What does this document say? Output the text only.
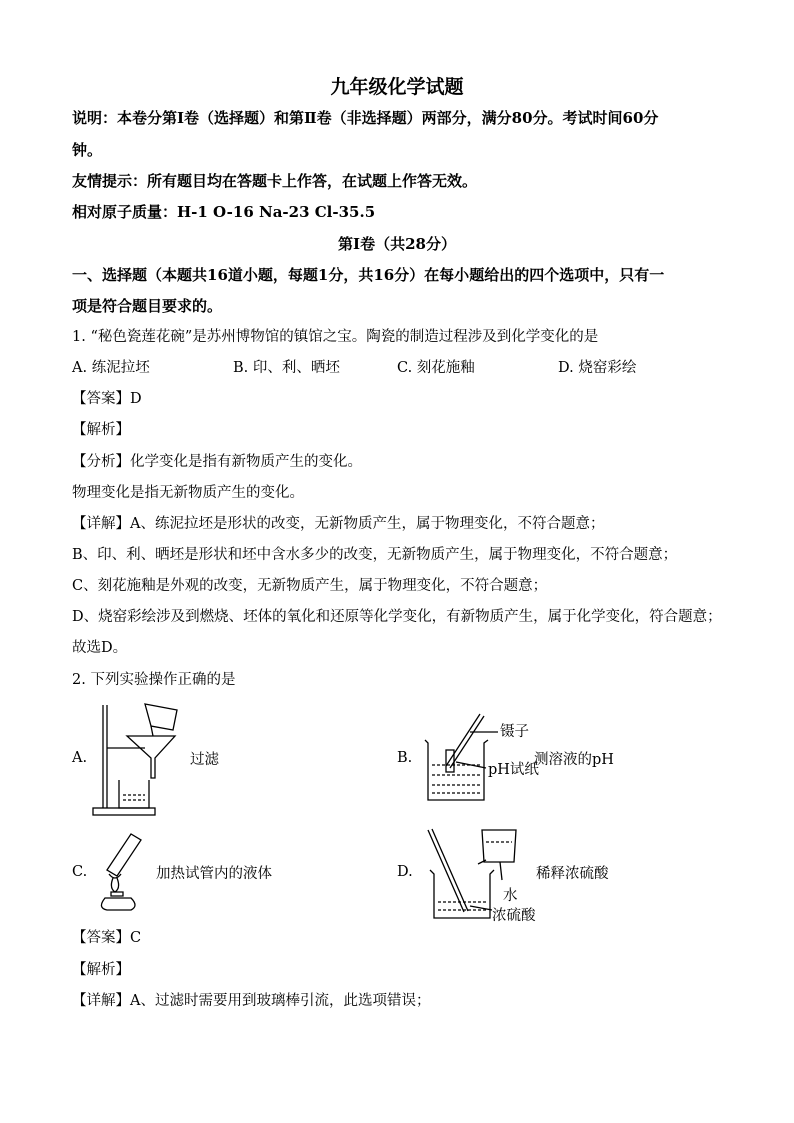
九年级化学试题
说明：本卷分第Ⅰ卷（选择题）和第Ⅱ卷（非选择题）两部分，满分80分。考试时间60分
钟。
友情提示：所有题目均在答题卡上作答，在试题上作答无效。
相对原子质量：H-1 O-16 Na-23 Cl-35.5
第Ⅰ卷（共28分）
一、选择题（本题共16道小题，每题1分，共16分）在每小题给出的四个选项中，只有一
项是符合题目要求的。
1. “秘色瓷莲花碗”是苏州博物馆的镇馆之宝。陶瓷的制造过程涉及到化学变化的是
A. 练泥拉坯	B. 印、利、晒坯	C. 刻花施釉	D. 烧窑彩绘
【答案】D
【解析】
【分析】化学变化是指有新物质产生的变化。
物理变化是指无新物质产生的变化。
【详解】A、练泥拉坯是形状的改变，无新物质产生，属于物理变化，不符合题意；
B、印、利、晒坯是形状和坯中含水多少的改变，无新物质产生，属于物理变化，不符合题意；
C、刻花施釉是外观的改变，无新物质产生，属于物理变化，不符合题意；
D、烧窑彩绘涉及到燃烧、坯体的氧化和还原等化学变化，有新物质产生，属于化学变化，符合题意；
故选D。
2. 下列实验操作正确的是
A.	过滤	B.
镊子
pH试纸
测溶液的pH
C.	加热试管内的液体	D.
水
浓硫酸
稀释浓硫酸
【答案】C
【解析】
【详解】A、过滤时需要用到玻璃棒引流，此选项错误；
